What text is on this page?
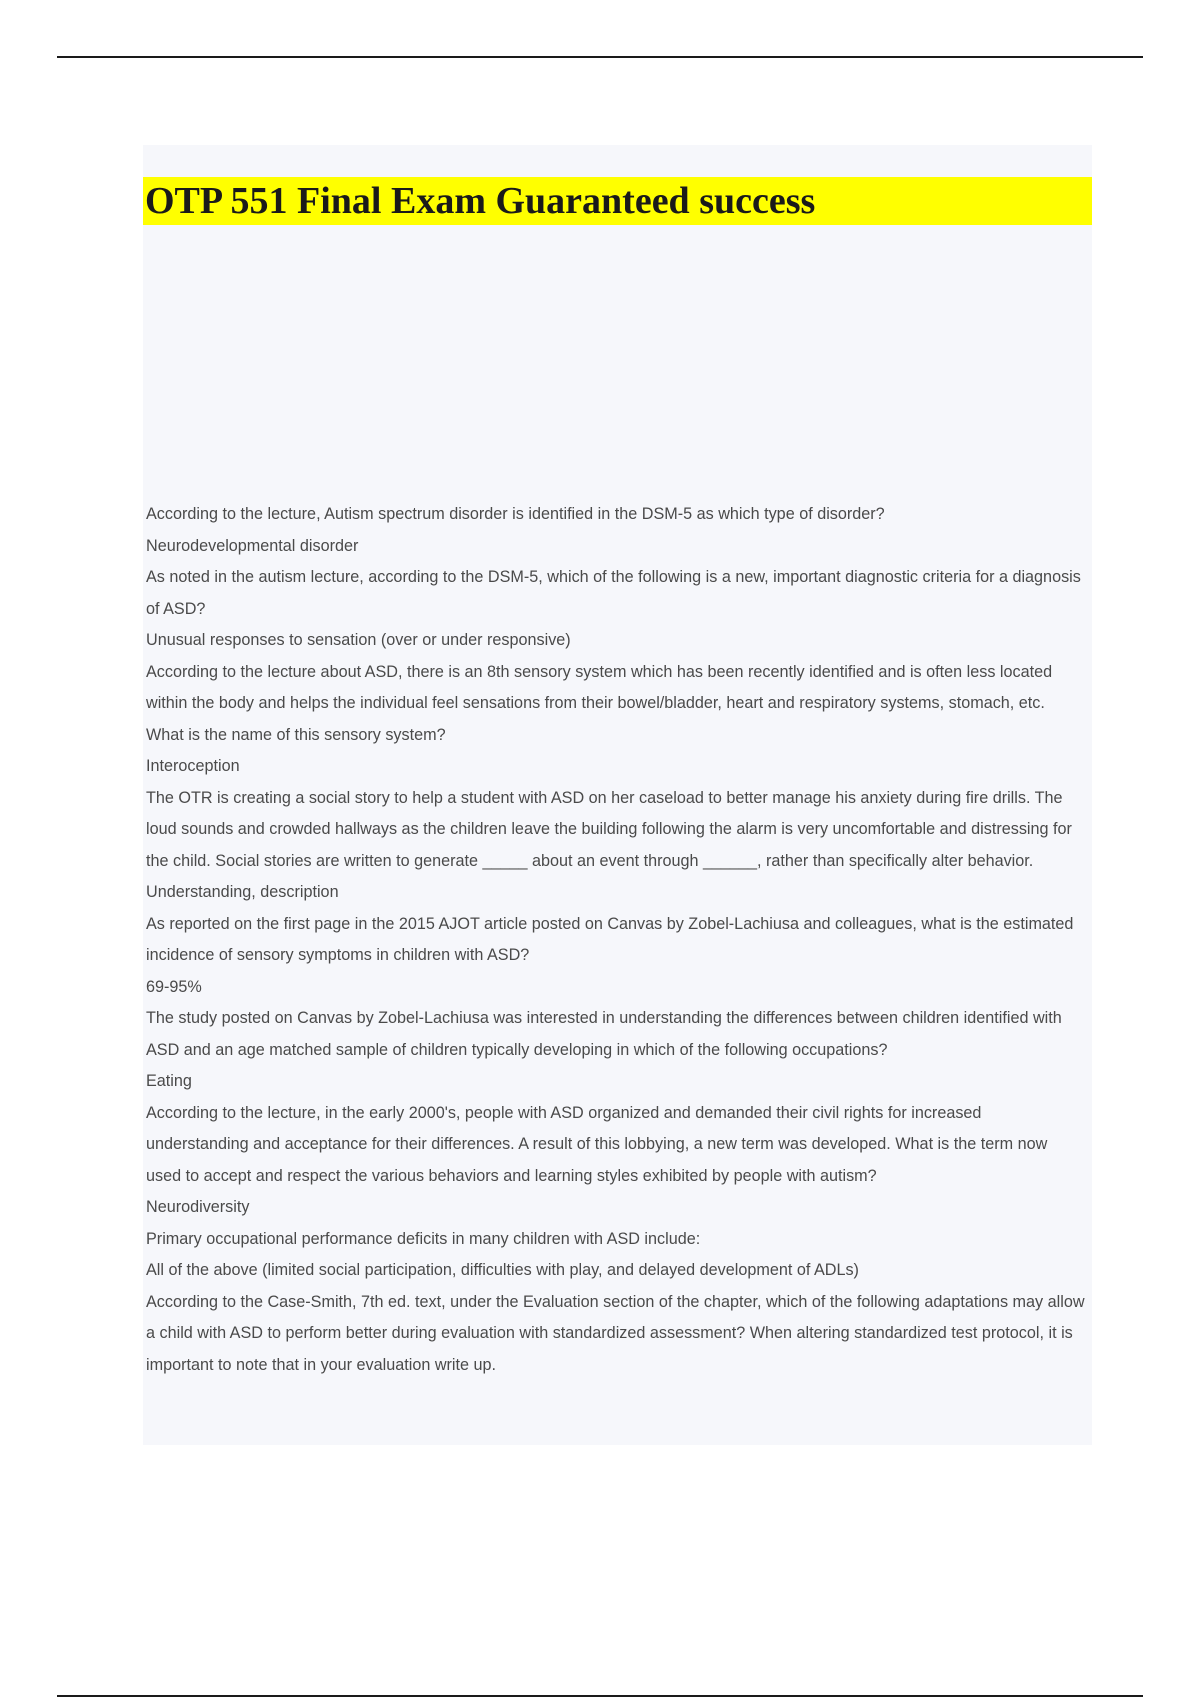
OTP 551 Final Exam Guaranteed success

According to the lecture, Autism spectrum disorder is identified in the DSM-5 as which type of disorder?

Neurodevelopmental disorder

As noted in the autism lecture, according to the DSM-5, which of the following is a new, important diagnostic criteria for a diagnosis of ASD?

Unusual responses to sensation (over or under responsive)

According to the lecture about ASD, there is an 8th sensory system which has been recently identified and is often less located within the body and helps the individual feel sensations from their bowel/bladder, heart and respiratory systems, stomach, etc. What is the name of this sensory system?

Interoception

The OTR is creating a social story to help a student with ASD on her caseload to better manage his anxiety during fire drills. The loud sounds and crowded hallways as the children leave the building following the alarm is very uncomfortable and distressing for the child. Social stories are written to generate _____ about an event through ______, rather than specifically alter behavior.

Understanding, description

As reported on the first page in the 2015 AJOT article posted on Canvas by Zobel-Lachiusa and colleagues, what is the estimated incidence of sensory symptoms in children with ASD?

69-95%

The study posted on Canvas by Zobel-Lachiusa was interested in understanding the differences between children identified with ASD and an age matched sample of children typically developing in which of the following occupations?

Eating

According to the lecture, in the early 2000's, people with ASD organized and demanded their civil rights for increased understanding and acceptance for their differences. A result of this lobbying, a new term was developed. What is the term now used to accept and respect the various behaviors and learning styles exhibited by people with autism?

Neurodiversity

Primary occupational performance deficits in many children with ASD include:

All of the above (limited social participation, difficulties with play, and delayed development of ADLs)

According to the Case-Smith, 7th ed. text, under the Evaluation section of the chapter, which of the following adaptations may allow a child with ASD to perform better during evaluation with standardized assessment? When altering standardized test protocol, it is important to note that in your evaluation write up.
